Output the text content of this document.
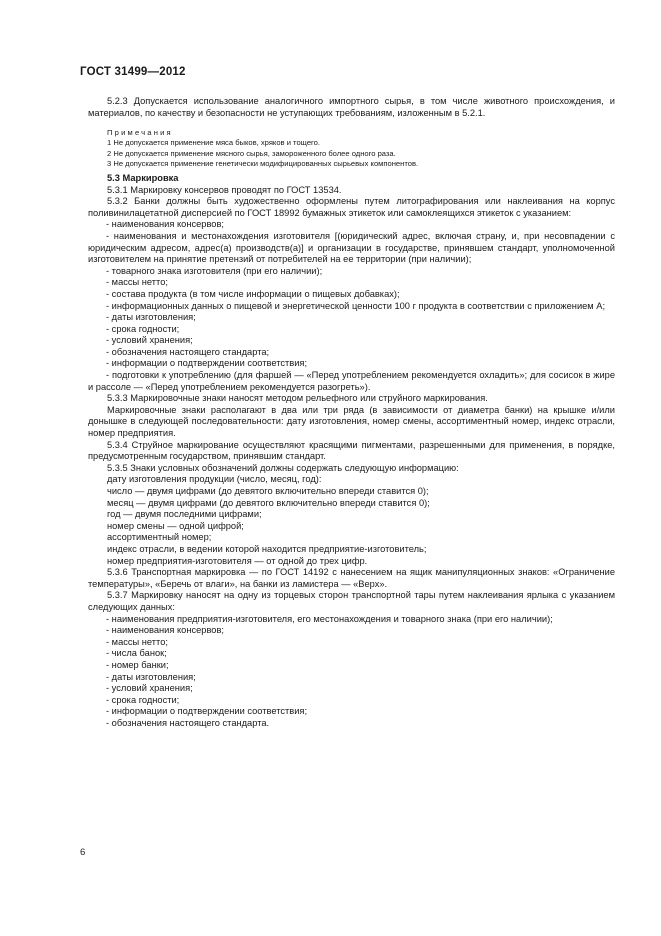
ГОСТ 31499—2012

5.2.3 Допускается использование аналогичного импортного сырья, в том числе животного происхождения, и материалов, по качеству и безопасности не уступающих требованиям, изложенным в 5.2.1.

Примечания

1 Не допускается применение мяса быков, хряков и тощего.

2 Не допускается применение мясного сырья, замороженного более одного раза.

3 Не допускается применение генетически модифицированных сырьевых компонентов.

5.3 Маркировка

5.3.1 Маркировку консервов проводят по ГОСТ 13534.

5.3.2 Банки должны быть художественно оформлены путем литографирования или наклеивания на корпус поливинилацетатной дисперсией по ГОСТ 18992 бумажных этикеток или самоклеящихся этикеток с указанием:

- наименования консервов;

- наименования и местонахождения изготовителя [(юридический адрес, включая страну, и, при несовпадении с юридическим адресом, адрес(а) производств(а)] и организации в государстве, принявшем стандарт, уполномоченной изготовителем на принятие претензий от потребителей на ее территории (при наличии);

- товарного знака изготовителя (при его наличии);

- массы нетто;

- состава продукта (в том числе информации о пищевых добавках);

- информационных данных о пищевой и энергетической ценности 100 г продукта в соответствии с приложением А;

- даты изготовления;

- срока годности;

- условий хранения;

- обозначения настоящего стандарта;

- информации о подтверждении соответствия;

- подготовки к употреблению (для фаршей — «Перед употреблением рекомендуется охладить»; для сосисок в жире и рассоле — «Перед употреблением рекомендуется разогреть»).

5.3.3 Маркировочные знаки наносят методом рельефного или струйного маркирования.

Маркировочные знаки располагают в два или три ряда (в зависимости от диаметра банки) на крышке и/или донышке в следующей последовательности: дату изготовления, номер смены, ассортиментный номер, индекс отрасли, номер предприятия.

5.3.4 Струйное маркирование осуществляют красящими пигментами, разрешенными для применения, в порядке, предусмотренным государством, принявшим стандарт.

5.3.5 Знаки условных обозначений должны содержать следующую информацию:

дату изготовления продукции (число, месяц, год):

число — двумя цифрами (до девятого включительно впереди ставится 0);

месяц — двумя цифрами (до девятого включительно впереди ставится 0);

год — двумя последними цифрами;

номер смены — одной цифрой;

ассортиментный номер;

индекс отрасли, в ведении которой находится предприятие-изготовитель;

номер предприятия-изготовителя — от одной до трех цифр.

5.3.6 Транспортная маркировка — по ГОСТ 14192 с нанесением на ящик манипуляционных знаков: «Ограничение температуры», «Беречь от влаги», на банки из ламистера — «Верх».

5.3.7 Маркировку наносят на одну из торцевых сторон транспортной тары путем наклеивания ярлыка с указанием следующих данных:

- наименования предприятия-изготовителя, его местонахождения и товарного знака (при его наличии);

- наименования консервов;

- массы нетто;

- числа банок;

- номер банки;

- даты изготовления;

- условий хранения;

- срока годности;

- информации о подтверждении соответствия;

- обозначения настоящего стандарта.

6
